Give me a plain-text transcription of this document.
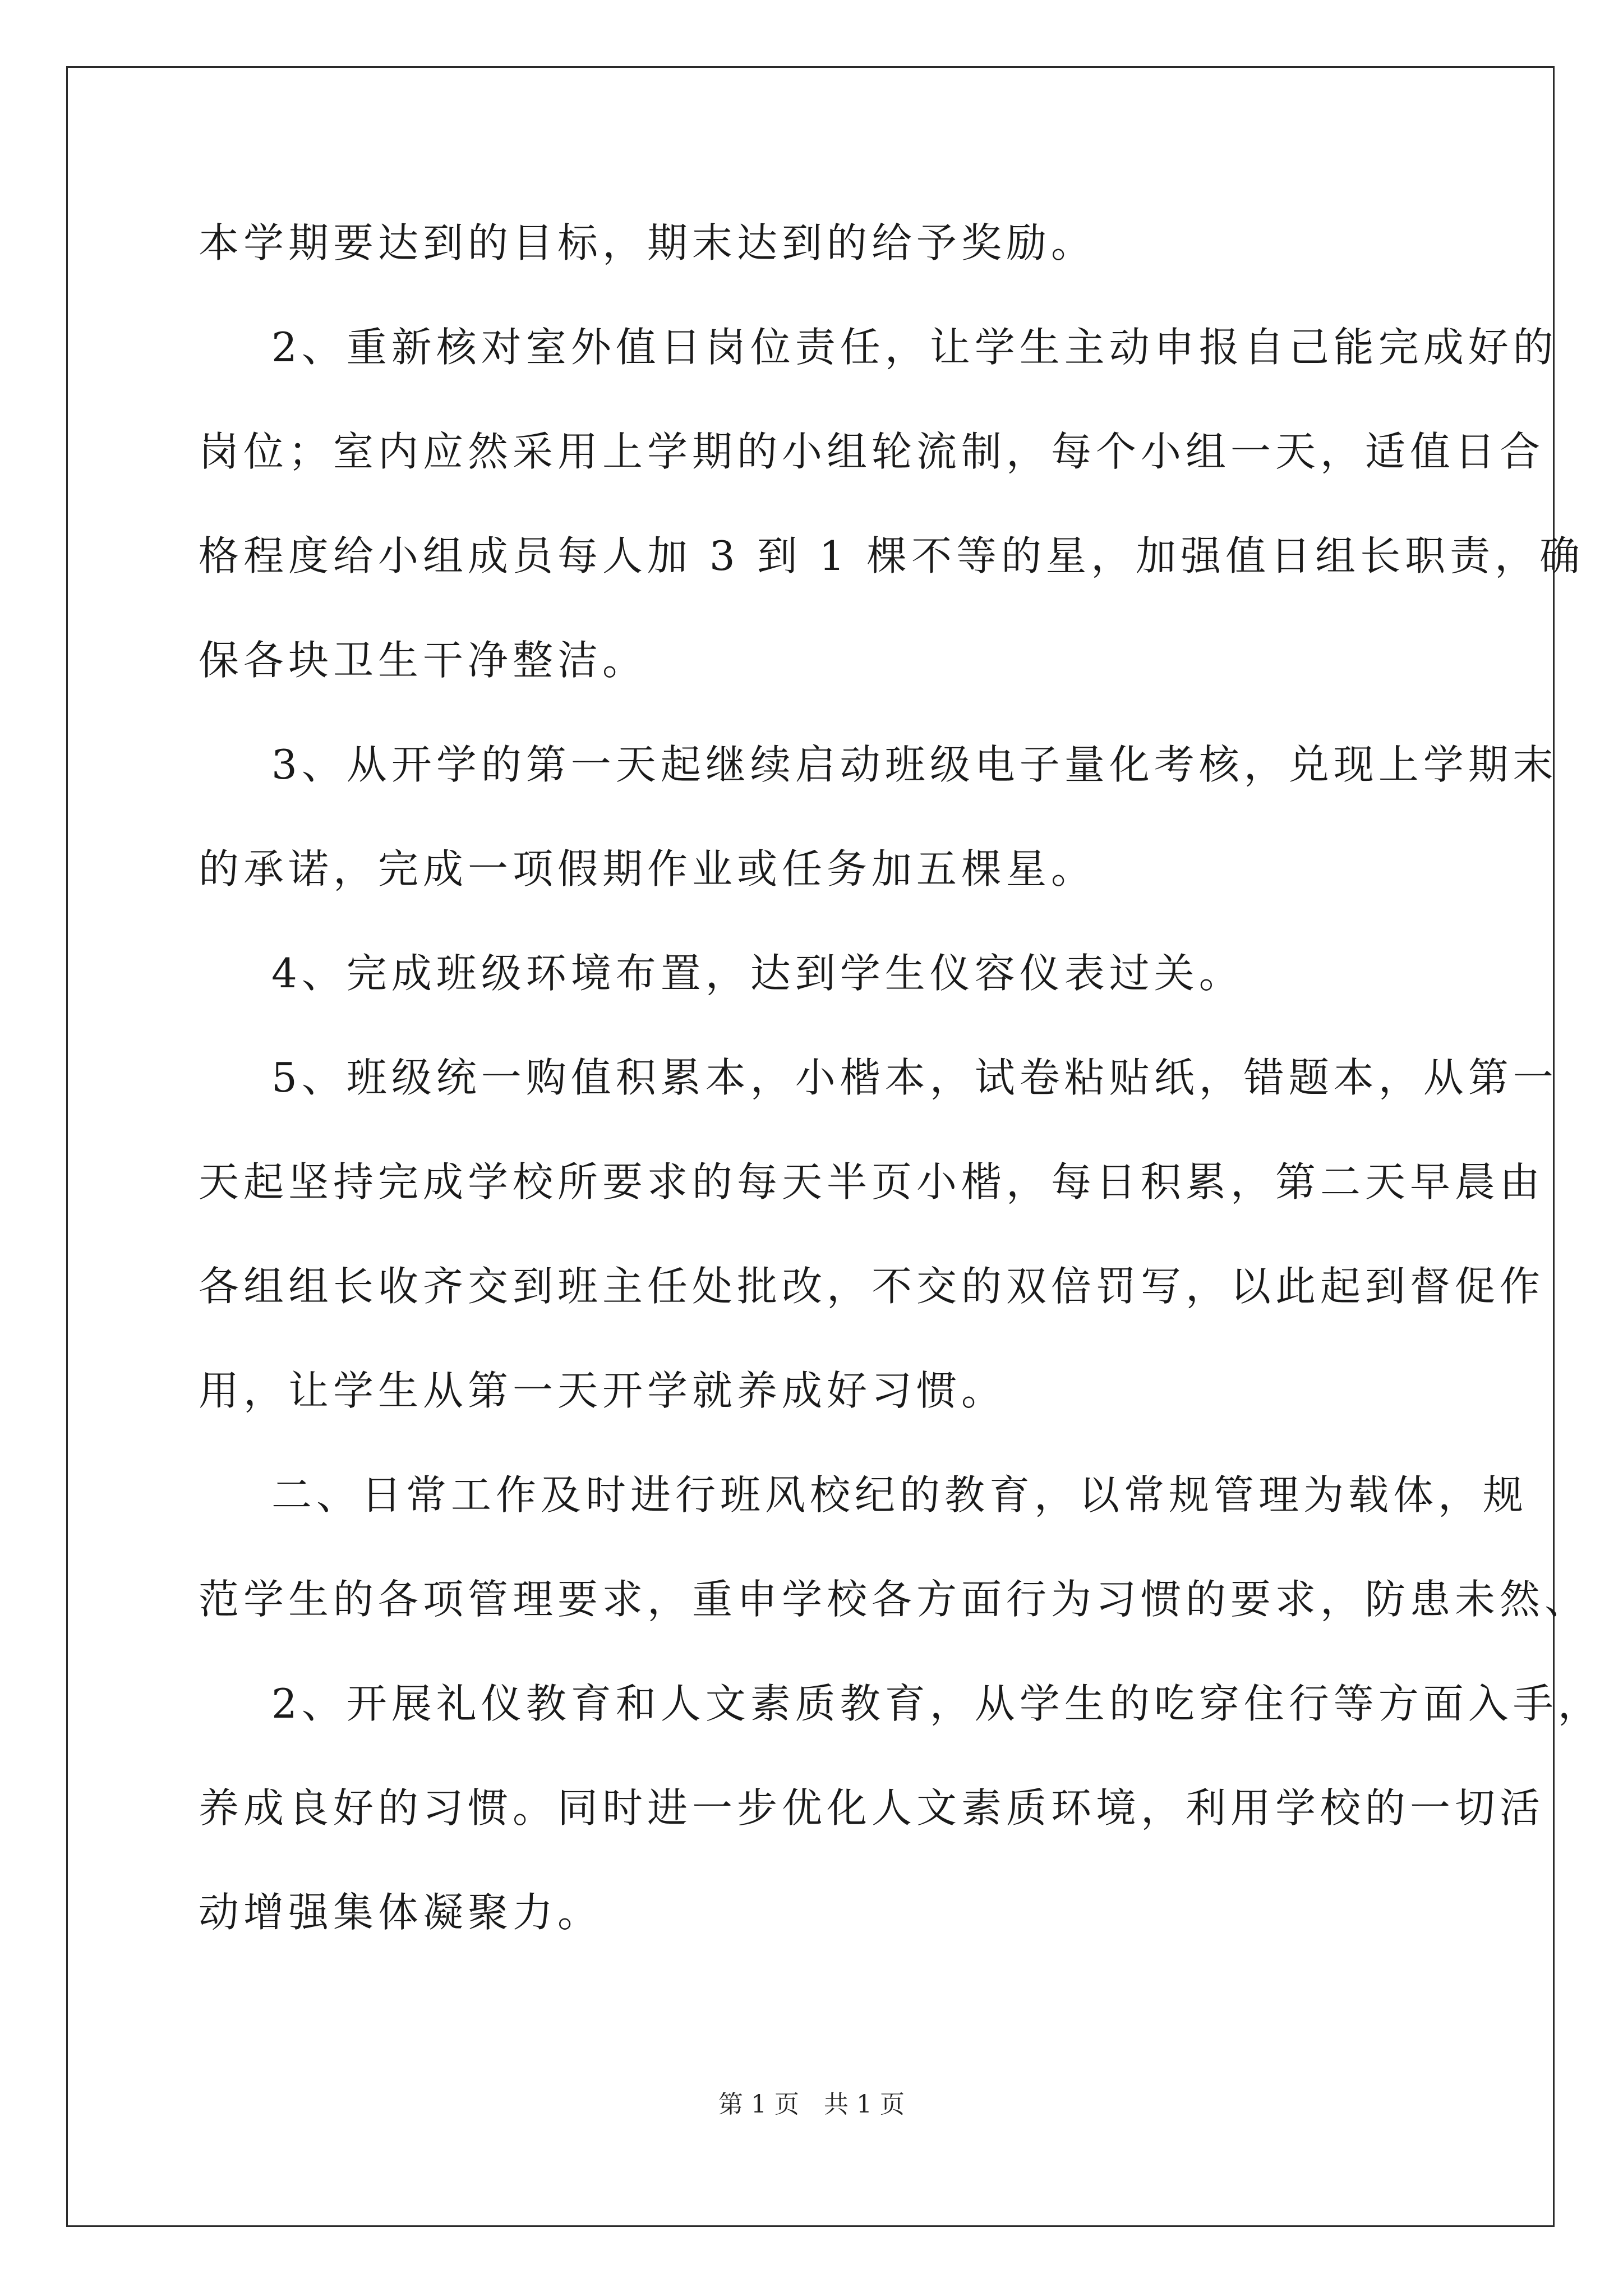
本学期要达到的目标，期末达到的给予奖励。
2、重新核对室外值日岗位责任，让学生主动申报自己能完成好的
岗位；室内应然采用上学期的小组轮流制，每个小组一天，适值日合
格程度给小组成员每人加 3 到 1 棵不等的星，加强值日组长职责，确
保各块卫生干净整洁。
3、从开学的第一天起继续启动班级电子量化考核，兑现上学期末
的承诺，完成一项假期作业或任务加五棵星。
4、完成班级环境布置，达到学生仪容仪表过关。
5、班级统一购值积累本，小楷本，试卷粘贴纸，错题本，从第一
天起坚持完成学校所要求的每天半页小楷，每日积累，第二天早晨由
各组组长收齐交到班主任处批改，不交的双倍罚写，以此起到督促作
用，让学生从第一天开学就养成好习惯。
二、日常工作及时进行班风校纪的教育，以常规管理为载体，规
范学生的各项管理要求，重申学校各方面行为习惯的要求，防患未然、
2、开展礼仪教育和人文素质教育，从学生的吃穿住行等方面入手，
养成良好的习惯。同时进一步优化人文素质环境，利用学校的一切活
动增强集体凝聚力。
第 1 页　共 1 页
